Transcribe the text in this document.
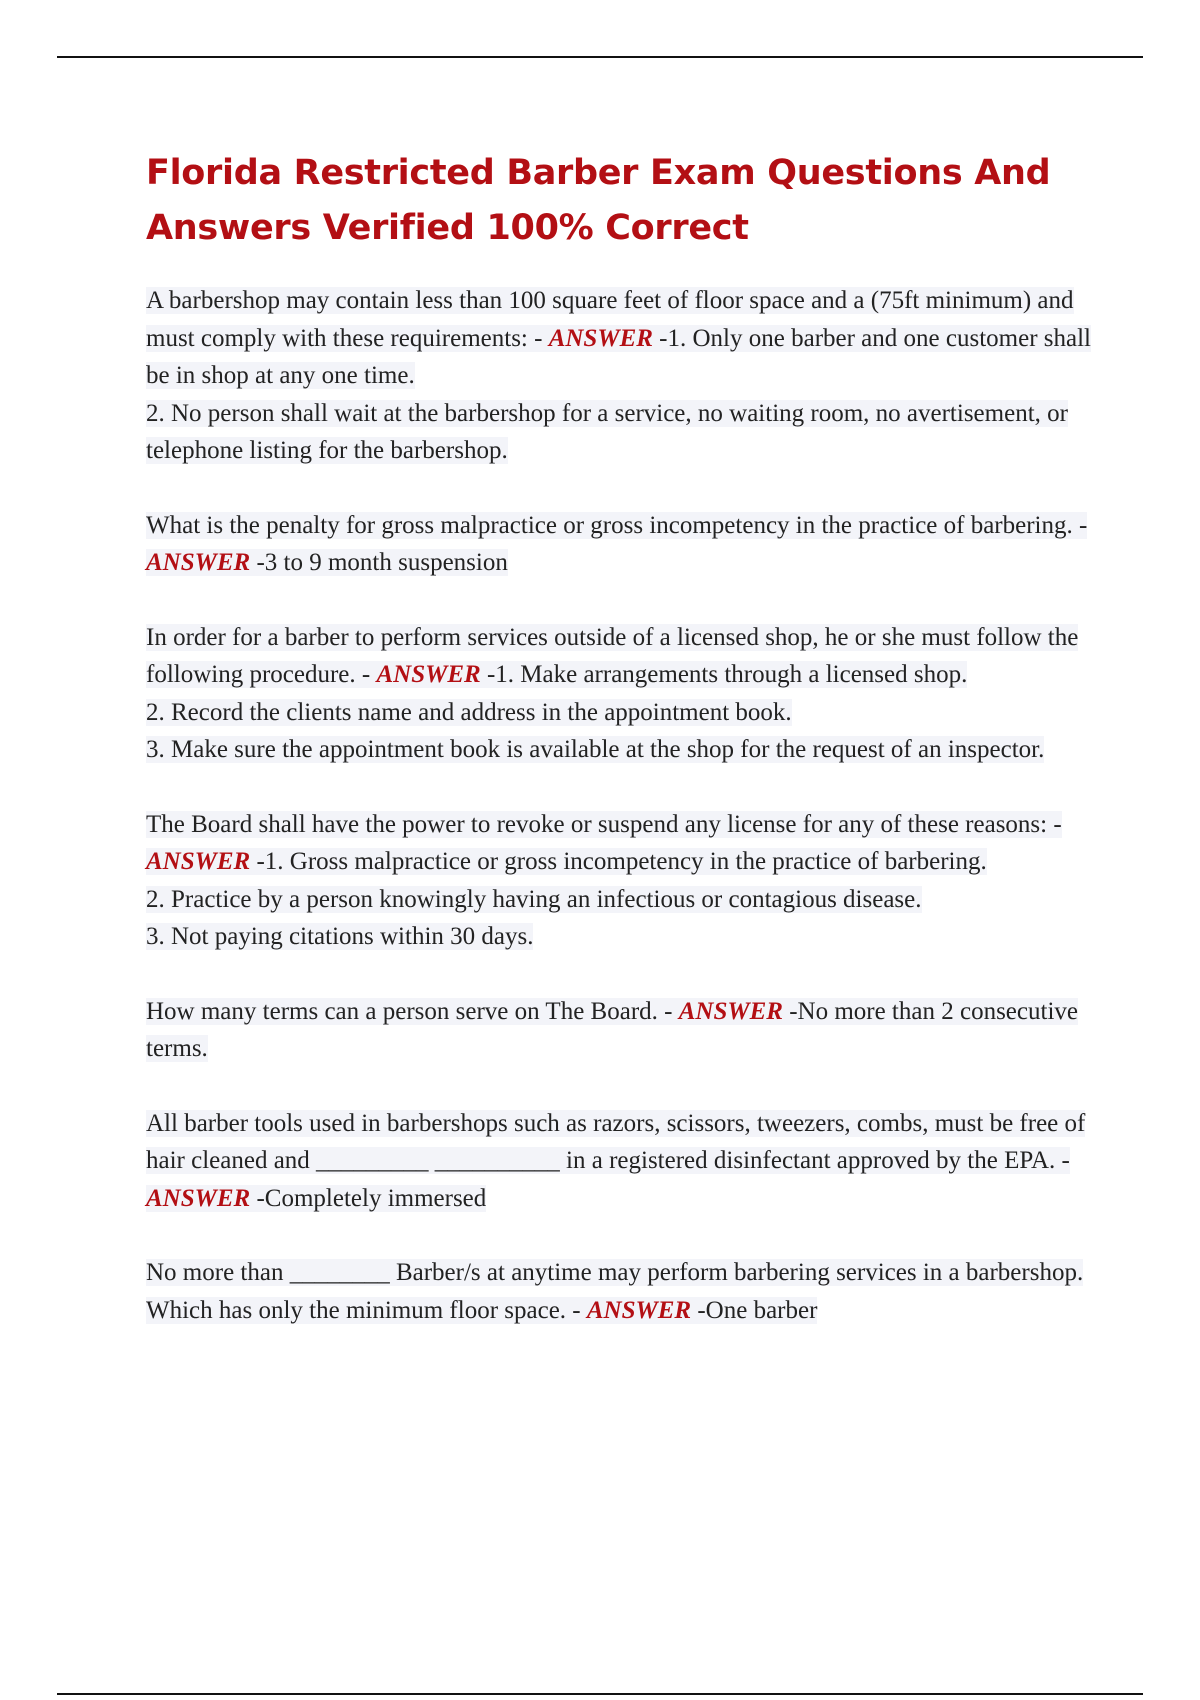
Florida Restricted Barber Exam Questions And Answers Verified 100% Correct
A barbershop may contain less than 100 square feet of floor space and a (75ft minimum) and must comply with these requirements: - ANSWER -1. Only one barber and one customer shall be in shop at any one time.
2. No person shall wait at the barbershop for a service, no waiting room, no avertisement, or telephone listing for the barbershop.
What is the penalty for gross malpractice or gross incompetency in the practice of barbering. - ANSWER -3 to 9 month suspension
In order for a barber to perform services outside of a licensed shop, he or she must follow the following procedure. - ANSWER -1. Make arrangements through a licensed shop.
2. Record the clients name and address in the appointment book.
3. Make sure the appointment book is available at the shop for the request of an inspector.
The Board shall have the power to revoke or suspend any license for any of these reasons: - ANSWER -1. Gross malpractice or gross incompetency in the practice of barbering.
2. Practice by a person knowingly having an infectious or contagious disease.
3. Not paying citations within 30 days.
How many terms can a person serve on The Board. - ANSWER -No more than 2 consecutive terms.
All barber tools used in barbershops such as razors, scissors, tweezers, combs, must be free of hair cleaned and _________ __________ in a registered disinfectant approved by the EPA. - ANSWER -Completely immersed
No more than ________ Barber/s at anytime may perform barbering services in a barbershop. Which has only the minimum floor space. - ANSWER -One barber
